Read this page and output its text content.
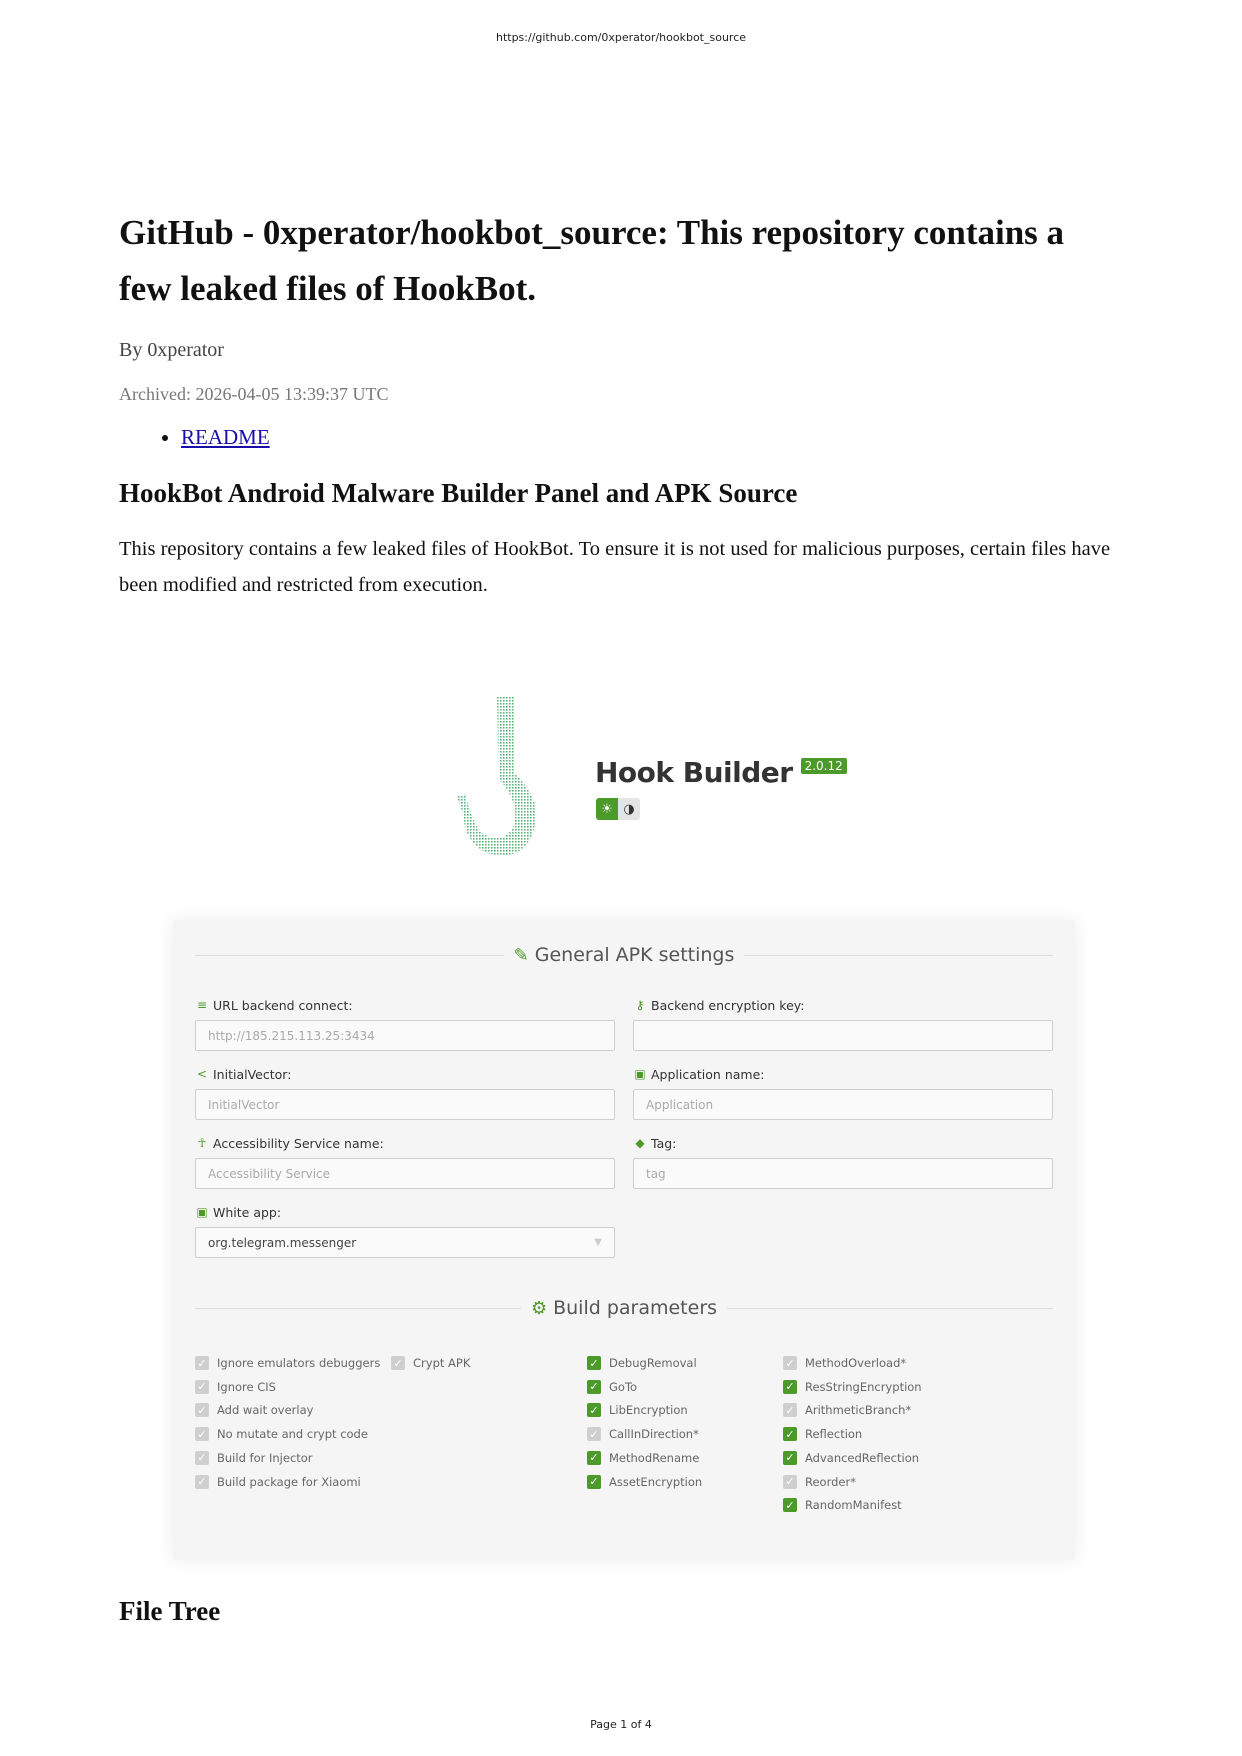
https://github.com/0xperator/hookbot_source
GitHub - 0xperator/hookbot_source: This repository contains a few leaked files of HookBot.
By 0xperator
Archived: 2026-04-05 13:39:37 UTC
• README
HookBot Android Malware Builder Panel and APK Source

This repository contains a few leaked files of HookBot. To ensure it is not used for malicious purposes, certain files have been modified and restricted from execution.

Hook Builder 2.0.12
☀ ◑
✎ General APK settings
≡ URL backend connect:
http://185.215.113.25:3434
⚷ Backend encryption key:
< InitialVector:
InitialVector
▣ Application name:
Application
☥ Accessibility Service name:
Accessibility Service
◆ Tag:
tag
▣ White app:
org.telegram.messenger	▼
⚙ Build parameters
✓ Ignore emulators debuggers
✓ Ignore CIS
✓ Add wait overlay
✓ No mutate and crypt code
✓ Build for Injector
✓ Build package for Xiaomi
✓ Crypt APK	✓ DebugRemoval
✓ GoTo
✓ LibEncryption
✓ CallInDirection*
✓ MethodRename
✓ AssetEncryption
✓ MethodOverload*
✓ ResStringEncryption
✓ ArithmeticBranch*
✓ Reflection
✓ AdvancedReflection
✓ Reorder*
✓ RandomManifest
File Tree
Page 1 of 4
